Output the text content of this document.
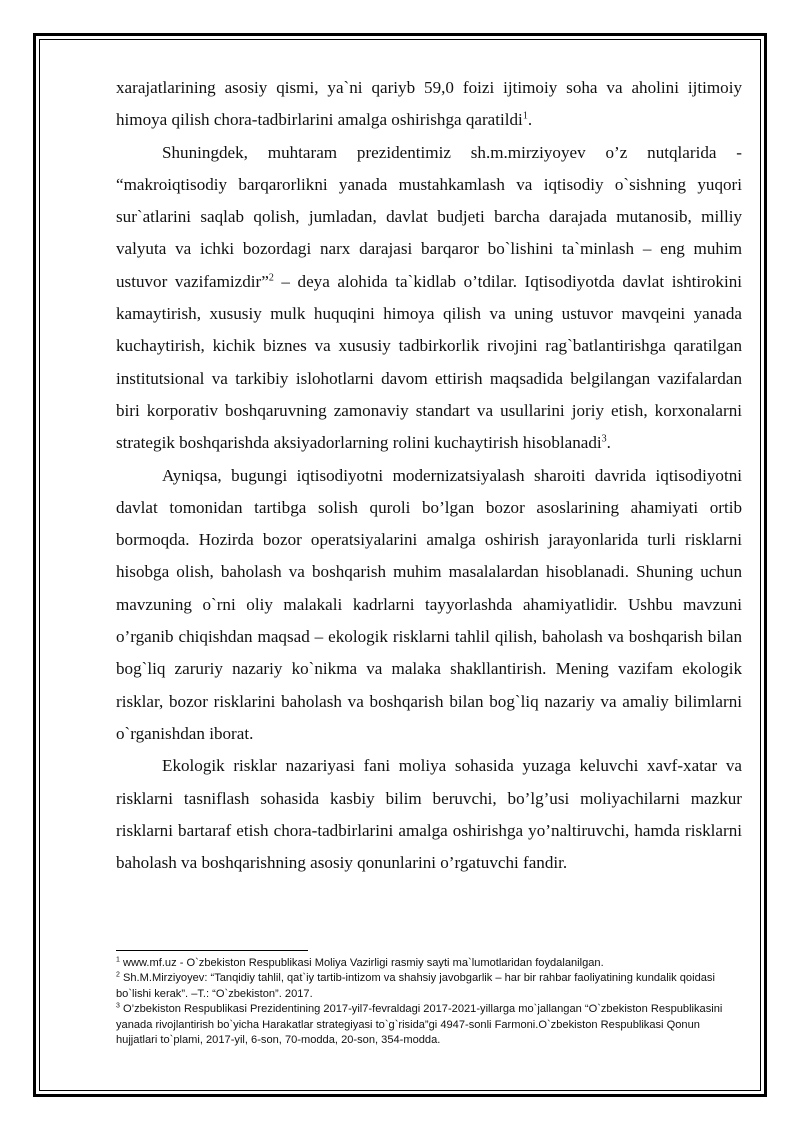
xarajatlarining asosiy qismi, ya`ni qariyb 59,0 foizi ijtimoiy soha va aholini ijtimoiy himoya qilish chora-tadbirlarini amalga oshirishga qaratildi$^1$.

Shuningdek, muhtaram prezidentimiz sh.m.mirziyoyev o’z nutqlarida - “makroiqtisodiy barqarorlikni yanada mustahkamlash va iqtisodiy o`sishning yuqori sur`atlarini saqlab qolish, jumladan, davlat budjeti barcha darajada mutanosib, milliy valyuta va ichki bozordagi narx darajasi barqaror bo`lishini ta`minlash – eng muhim ustuvor vazifamizdir”$^2$ – deya alohida ta`kidlab o’tdilar. Iqtisodiyotda davlat ishtirokini kamaytirish, xususiy mulk huquqini himoya qilish va uning ustuvor mavqeini yanada kuchaytirish, kichik biznes va xususiy tadbirkorlik rivojini rag`batlantirishga qaratilgan institutsional va tarkibiy islohotlarni davom ettirish maqsadida belgilangan vazifalardan biri korporativ boshqaruvning zamonaviy standart va usullarini joriy etish, korxonalarni strategik boshqarishda aksiyadorlarning rolini kuchaytirish hisoblanadi$^3$.

Ayniqsa, bugungi iqtisodiyotni modernizatsiyalash sharoiti davrida iqtisodiyotni davlat tomonidan tartibga solish quroli bo’lgan bozor asoslarining ahamiyati ortib bormoqda. Hozirda bozor operatsiyalarini amalga oshirish jarayonlarida turli risklarni hisobga olish, baholash va boshqarish muhim masalalardan hisoblanadi. Shuning uchun mavzuning o`rni oliy malakali kadrlarni tayyorlashda ahamiyatlidir. Ushbu mavzuni o’rganib chiqishdan maqsad – ekologik risklarni tahlil qilish, baholash va boshqarish bilan bog`liq zaruriy nazariy ko`nikma va malaka shakllantirish. Mening vazifam ekologik risklar, bozor risklarini baholash va boshqarish bilan bog`liq nazariy va amaliy bilimlarni o`rganishdan iborat.

Ekologik risklar nazariyasi fani moliya sohasida yuzaga keluvchi xavf-xatar va risklarni tasniflash sohasida kasbiy bilim beruvchi, bo’lg’usi moliyachilarni mazkur risklarni bartaraf etish chora-tadbirlarini amalga oshirishga yo’naltiruvchi, hamda risklarni baholash va boshqarishning asosiy qonunlarini o’rgatuvchi fandir.

$^1$ www.mf.uz - O`zbekiston Respublikasi Moliya Vazirligi rasmiy sayti ma`lumotlaridan foydalanilgan.

$^2$ Sh.M.Mirziyoyev: “Tanqidiy tahlil, qat`iy tartib-intizom va shahsiy javobgarlik – har bir rahbar faoliyatining kundalik qoidasi bo`lishi kerak”. –T.: “O`zbekiston”. 2017.

$^3$ O’zbekiston Respublikasi Prezidentining 2017-yil7-fevraldagi 2017-2021-yillarga mo`jallangan “O`zbekiston Respublikasini yanada rivojlantirish bo`yicha Harakatlar strategiyasi to`g`risida”gi 4947-sonli Farmoni.O`zbekiston Respublikasi Qonun hujjatlari to`plami, 2017-yil, 6-son, 70-modda, 20-son, 354-modda.
